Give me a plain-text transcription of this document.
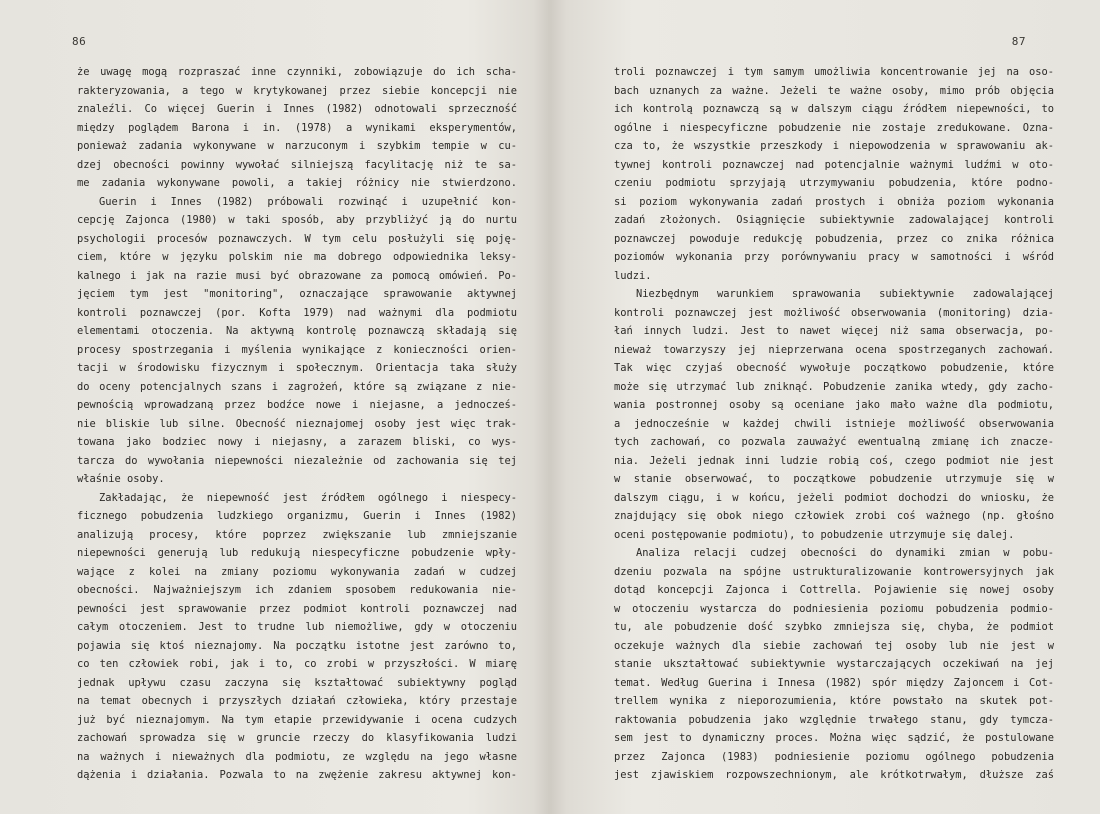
86
że uwagę mogą rozpraszać inne czynniki, zobowiązuje do ich scha-
rakteryzowania, a tego w krytykowanej przez siebie koncepcji nie
znaleźli. Co więcej Guerin i Innes (1982) odnotowali sprzeczność
między poglądem Barona i in. (1978) a wynikami eksperymentów,
ponieważ zadania wykonywane w narzuconym i szybkim tempie w cu-
dzej obecności powinny wywołać silniejszą facylitację niż te sa-
me zadania wykonywane powoli, a takiej różnicy nie stwierdzono.
Guerin i Innes (1982) próbowali rozwinąć i uzupełnić kon-
cepcję Zajonca (1980) w taki sposób, aby przybliżyć ją do nurtu
psychologii procesów poznawczych. W tym celu posłużyli się poję-
ciem, które w języku polskim nie ma dobrego odpowiednika leksy-
kalnego i jak na razie musi być obrazowane za pomocą omówień. Po-
jęciem tym jest "monitoring", oznaczające sprawowanie aktywnej
kontroli poznawczej (por. Kofta 1979) nad ważnymi dla podmiotu
elementami otoczenia. Na aktywną kontrolę poznawczą składają się
procesy spostrzegania i myślenia wynikające z konieczności orien-
tacji w środowisku fizycznym i społecznym. Orientacja taka służy
do oceny potencjalnych szans i zagrożeń, które są związane z nie-
pewnością wprowadzaną przez bodźce nowe i niejasne, a jednocześ-
nie bliskie lub silne. Obecność nieznajomej osoby jest więc trak-
towana jako bodziec nowy i niejasny, a zarazem bliski, co wys-
tarcza do wywołania niepewności niezależnie od zachowania się tej
właśnie osoby.
Zakładając, że niepewność jest źródłem ogólnego i niespecy-
ficznego pobudzenia ludzkiego organizmu, Guerin i Innes (1982)
analizują procesy, które poprzez zwiększanie lub zmniejszanie
niepewności generują lub redukują niespecyficzne pobudzenie wpły-
wające z kolei na zmiany poziomu wykonywania zadań w cudzej
obecności. Najważniejszym ich zdaniem sposobem redukowania nie-
pewności jest sprawowanie przez podmiot kontroli poznawczej nad
całym otoczeniem. Jest to trudne lub niemożliwe, gdy w otoczeniu
pojawia się ktoś nieznajomy. Na początku istotne jest zarówno to,
co ten człowiek robi, jak i to, co zrobi w przyszłości. W miarę
jednak upływu czasu zaczyna się kształtować subiektywny pogląd
na temat obecnych i przyszłych działań człowieka, który przestaje
już być nieznajomym. Na tym etapie przewidywanie i ocena cudzych
zachowań sprowadza się w gruncie rzeczy do klasyfikowania ludzi
na ważnych i nieważnych dla podmiotu, ze względu na jego własne
dążenia i działania. Pozwala to na zwężenie zakresu aktywnej kon-
87
troli poznawczej i tym samym umożliwia koncentrowanie jej na oso-
bach uznanych za ważne. Jeżeli te ważne osoby, mimo prób objęcia
ich kontrolą poznawczą są w dalszym ciągu źródłem niepewności, to
ogólne i niespecyficzne pobudzenie nie zostaje zredukowane. Ozna-
cza to, że wszystkie przeszkody i niepowodzenia w sprawowaniu ak-
tywnej kontroli poznawczej nad potencjalnie ważnymi ludźmi w oto-
czeniu podmiotu sprzyjają utrzymywaniu pobudzenia, które podno-
si poziom wykonywania zadań prostych i obniża poziom wykonania
zadań złożonych. Osiągnięcie subiektywnie zadowalającej kontroli
poznawczej powoduje redukcję pobudzenia, przez co znika różnica
poziomów wykonania przy porównywaniu pracy w samotności i wśród
ludzi.
Niezbędnym warunkiem sprawowania subiektywnie zadowalającej
kontroli poznawczej jest możliwość obserwowania (monitoring) dzia-
łań innych ludzi. Jest to nawet więcej niż sama obserwacja, po-
nieważ towarzyszy jej nieprzerwana ocena spostrzeganych zachowań.
Tak więc czyjaś obecność wywołuje początkowo pobudzenie, które
może się utrzymać lub zniknąć. Pobudzenie zanika wtedy, gdy zacho-
wania postronnej osoby są oceniane jako mało ważne dla podmiotu,
a jednocześnie w każdej chwili istnieje możliwość obserwowania
tych zachowań, co pozwala zauważyć ewentualną zmianę ich znacze-
nia. Jeżeli jednak inni ludzie robią coś, czego podmiot nie jest
w stanie obserwować, to początkowe pobudzenie utrzymuje się w
dalszym ciągu, i w końcu, jeżeli podmiot dochodzi do wniosku, że
znajdujący się obok niego człowiek zrobi coś ważnego (np. głośno
oceni postępowanie podmiotu), to pobudzenie utrzymuje się dalej.
Analiza relacji cudzej obecności do dynamiki zmian w pobu-
dzeniu pozwala na spójne ustrukturalizowanie kontrowersyjnych jak
dotąd koncepcji Zajonca i Cottrella. Pojawienie się nowej osoby
w otoczeniu wystarcza do podniesienia poziomu pobudzenia podmio-
tu, ale pobudzenie dość szybko zmniejsza się, chyba, że podmiot
oczekuje ważnych dla siebie zachowań tej osoby lub nie jest w
stanie ukształtować subiektywnie wystarczających oczekiwań na jej
temat. Według Guerina i Innesa (1982) spór między Zajoncem i Cot-
trellem wynika z nieporozumienia, które powstało na skutek pot-
raktowania pobudzenia jako względnie trwałego stanu, gdy tymcza-
sem jest to dynamiczny proces. Można więc sądzić, że postulowane
przez Zajonca (1983) podniesienie poziomu ogólnego pobudzenia
jest zjawiskiem rozpowszechnionym, ale krótkotrwałym, dłuższe zaś
